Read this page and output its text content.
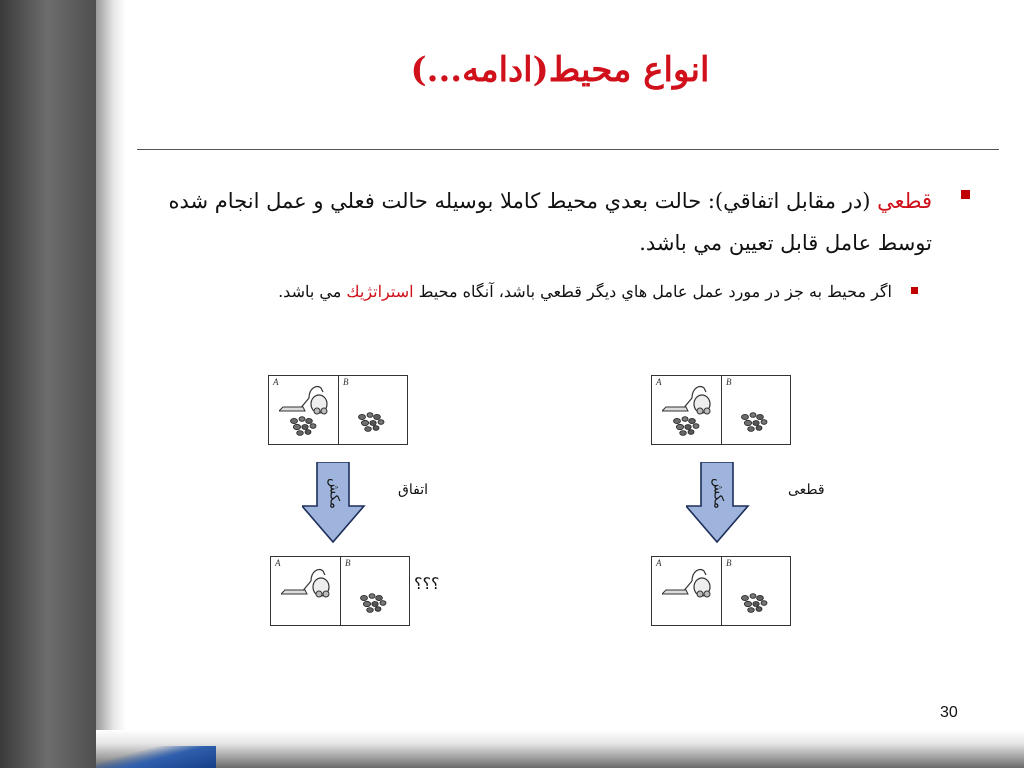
انواع محيط(ادامه...)
قطعي (در مقابل اتفاقي): حالت بعدي محيط كاملا بوسيله حالت فعلي و عمل انجام شده توسط عامل قابل تعيين مي باشد.
اگر محيط به جز در مورد عمل عامل هاي ديگر قطعي باشد، آنگاه محيط استراتژيك مي باشد.
A	B
مکش	اتفاق
A	B
؟؟؟
A	B
مکش	قطعی
A	B
30
